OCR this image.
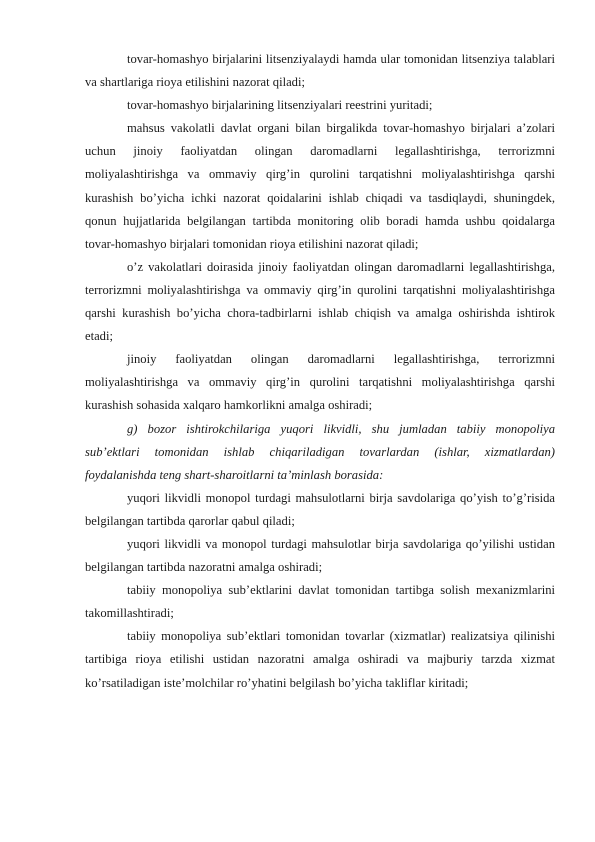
tovar-homashyo birjalarini litsenziyalaydi hamda ular tomonidan litsenziya talablari va shartlariga rioya etilishini nazorat qiladi;

tovar-homashyo birjalarining litsenziyalari reestrini yuritadi;

mahsus vakolatli davlat organi bilan birgalikda tovar-homashyo birjalari a’zolari uchun jinoiy faoliyatdan olingan daromadlarni legallashtirishga, terrorizmni moliyalashtirishga va ommaviy qirg’in qurolini tarqatishni moliyalashtirishga qarshi kurashish bo’yicha ichki nazorat qoidalarini ishlab chiqadi va tasdiqlaydi, shuningdek, qonun hujjatlarida belgilangan tartibda monitoring olib boradi hamda ushbu qoidalarga tovar-homashyo birjalari tomonidan rioya etilishini nazorat qiladi;

o’z vakolatlari doirasida jinoiy faoliyatdan olingan daromadlarni legallashtirishga, terrorizmni moliyalashtirishga va ommaviy qirg’in qurolini tarqatishni moliyalashtirishga qarshi kurashish bo’yicha chora-tadbirlarni ishlab chiqish va amalga oshirishda ishtirok etadi;

jinoiy faoliyatdan olingan daromadlarni legallashtirishga, terrorizmni moliyalashtirishga va ommaviy qirg’in qurolini tarqatishni moliyalashtirishga qarshi kurashish sohasida xalqaro hamkorlikni amalga oshiradi;

g) bozor ishtirokchilariga yuqori likvidli, shu jumladan tabiiy monopoliya sub’ektlari tomonidan ishlab chiqariladigan tovarlardan (ishlar, xizmatlardan) foydalanishda teng shart-sharoitlarni ta’minlash borasida:

yuqori likvidli monopol turdagi mahsulotlarni birja savdolariga qo’yish to’g’risida belgilangan tartibda qarorlar qabul qiladi;

yuqori likvidli va monopol turdagi mahsulotlar birja savdolariga qo’yilishi ustidan belgilangan tartibda nazoratni amalga oshiradi;

tabiiy monopoliya sub’ektlarini davlat tomonidan tartibga solish mexanizmlarini takomillashtiradi;

tabiiy monopoliya sub’ektlari tomonidan tovarlar (xizmatlar) realizatsiya qilinishi tartibiga rioya etilishi ustidan nazoratni amalga oshiradi va majburiy tarzda xizmat ko’rsatiladigan iste’molchilar ro’yhatini belgilash bo’yicha takliflar kiritadi;
